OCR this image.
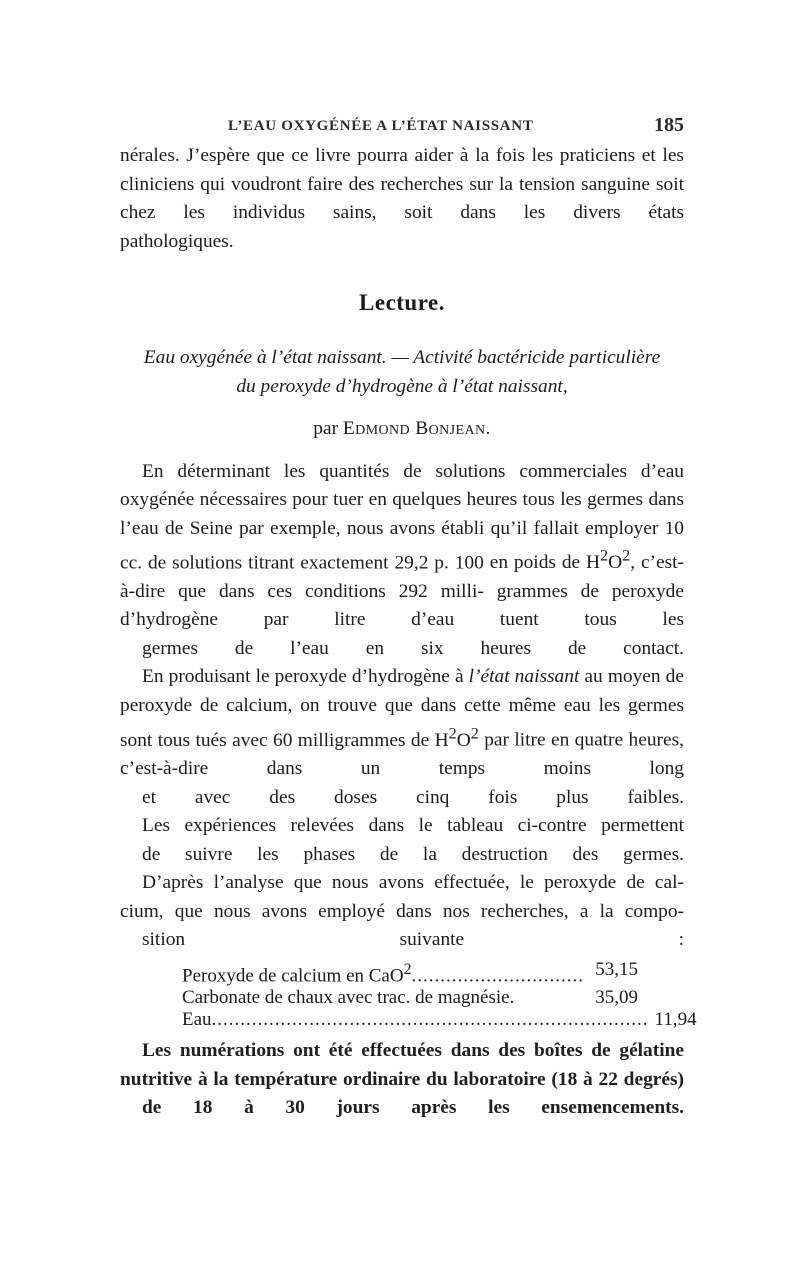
L’EAU OXYGÉNÉE A L’ÉTAT NAISSANT	185

nérales. J’espère que ce livre pourra aider à la fois les praticiens et les cliniciens qui voudront faire des recherches sur la tension sanguine soit chez les individus sains, soit dans les divers états
pathologiques.

Lecture.

Eau oxygénée à l’état naissant. — Activité bactéricide particulière

du peroxyde d’hydrogène à l’état naissant,

par Edmond Bonjean.

En déterminant les quantités de solutions commerciales d’eau oxygénée nécessaires pour tuer en quelques heures tous les germes dans l’eau de Seine par exemple, nous avons établi qu’il fallait employer 10 cc. de solutions titrant exactement 29,2 p. 100 en poids de $H^2O^2$, c’est-à-dire que dans ces conditions 292 milli- grammes de peroxyde d’hydrogène par litre d’eau tuent tous les
germes de l’eau en six heures de contact.

En produisant le peroxyde d’hydrogène à l’état naissant au moyen de peroxyde de calcium, on trouve que dans cette même eau les germes sont tous tués avec 60 milligrammes de $H^2O^2$ par litre en quatre heures, c’est-à-dire dans un temps moins long
et avec des doses cinq fois plus faibles.

Les expériences relevées dans le tableau ci-contre permettent
de suivre les phases de la destruction des germes.

D’après l’analyse que nous avons effectuée, le peroxyde de cal- cium, que nous avons employé dans nos recherches, a la compo-
sition suivante :

Peroxyde de calcium en CaO$^2$.............................. 53,15
Carbonate de chaux avec trac. de magnésie.	35,09
Eau............................................................................ 11,94

Les numérations ont été effectuées dans des boîtes de gélatine nutritive à la température ordinaire du laboratoire (18 à 22 degrés)
de 18 à 30 jours après les ensemencements.
